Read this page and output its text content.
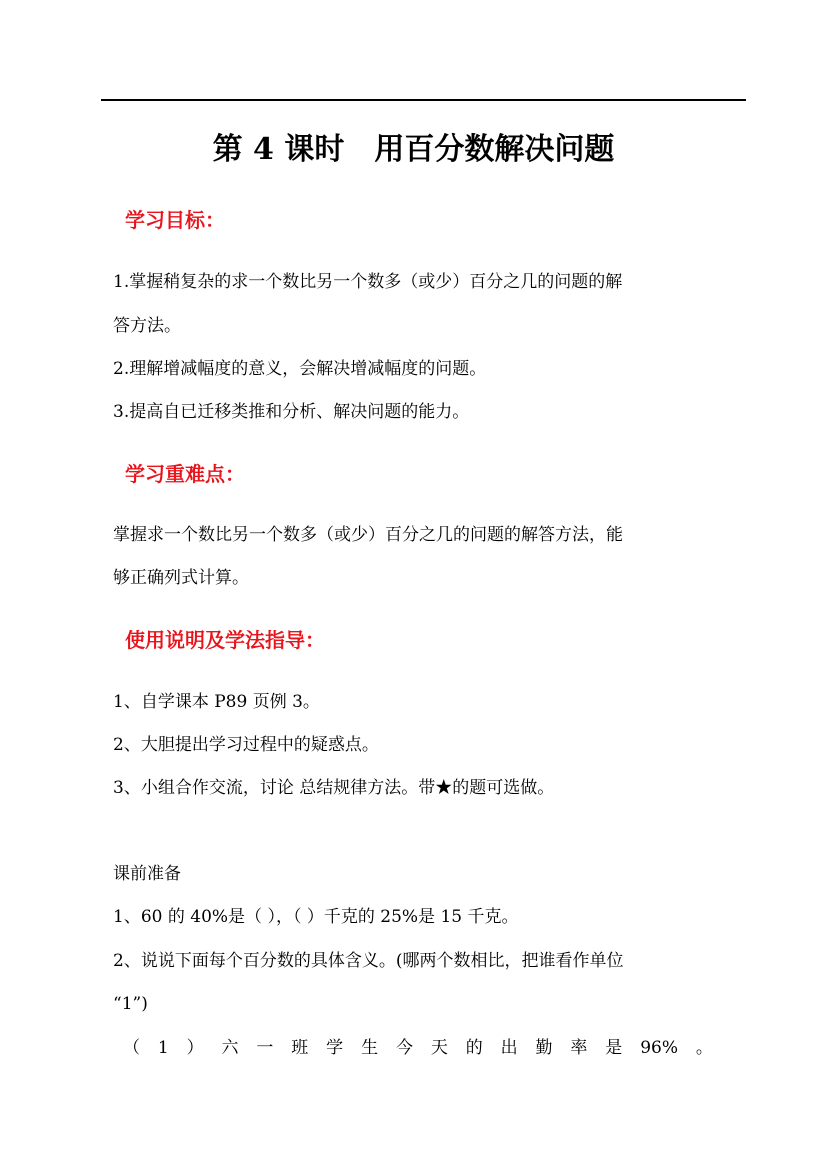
第 4 课时　用百分数解决问题
学习目标：
1.掌握稍复杂的求一个数比另一个数多（或少）百分之几的问题的解
答方法。
2.理解增减幅度的意义，会解决增减幅度的问题。
3.提高自已迁移类推和分析、解决问题的能力。
学习重难点：
掌握求一个数比另一个数多（或少）百分之几的问题的解答方法，能
够正确列式计算。
使用说明及学法指导：
1、自学课本 P89 页例 3。
2、大胆提出学习过程中的疑惑点。
3、小组合作交流，讨论 总结规律方法。带★的题可选做。
课前准备
1、60 的 40%是（ ），（ ）千克的 25%是 15 千克。
2、说说下面每个百分数的具体含义。(哪两个数相比，把谁看作单位
“1”)
（ 1 ） 六 一 班 学 生 今 天 的 出 勤 率 是 96% 。
